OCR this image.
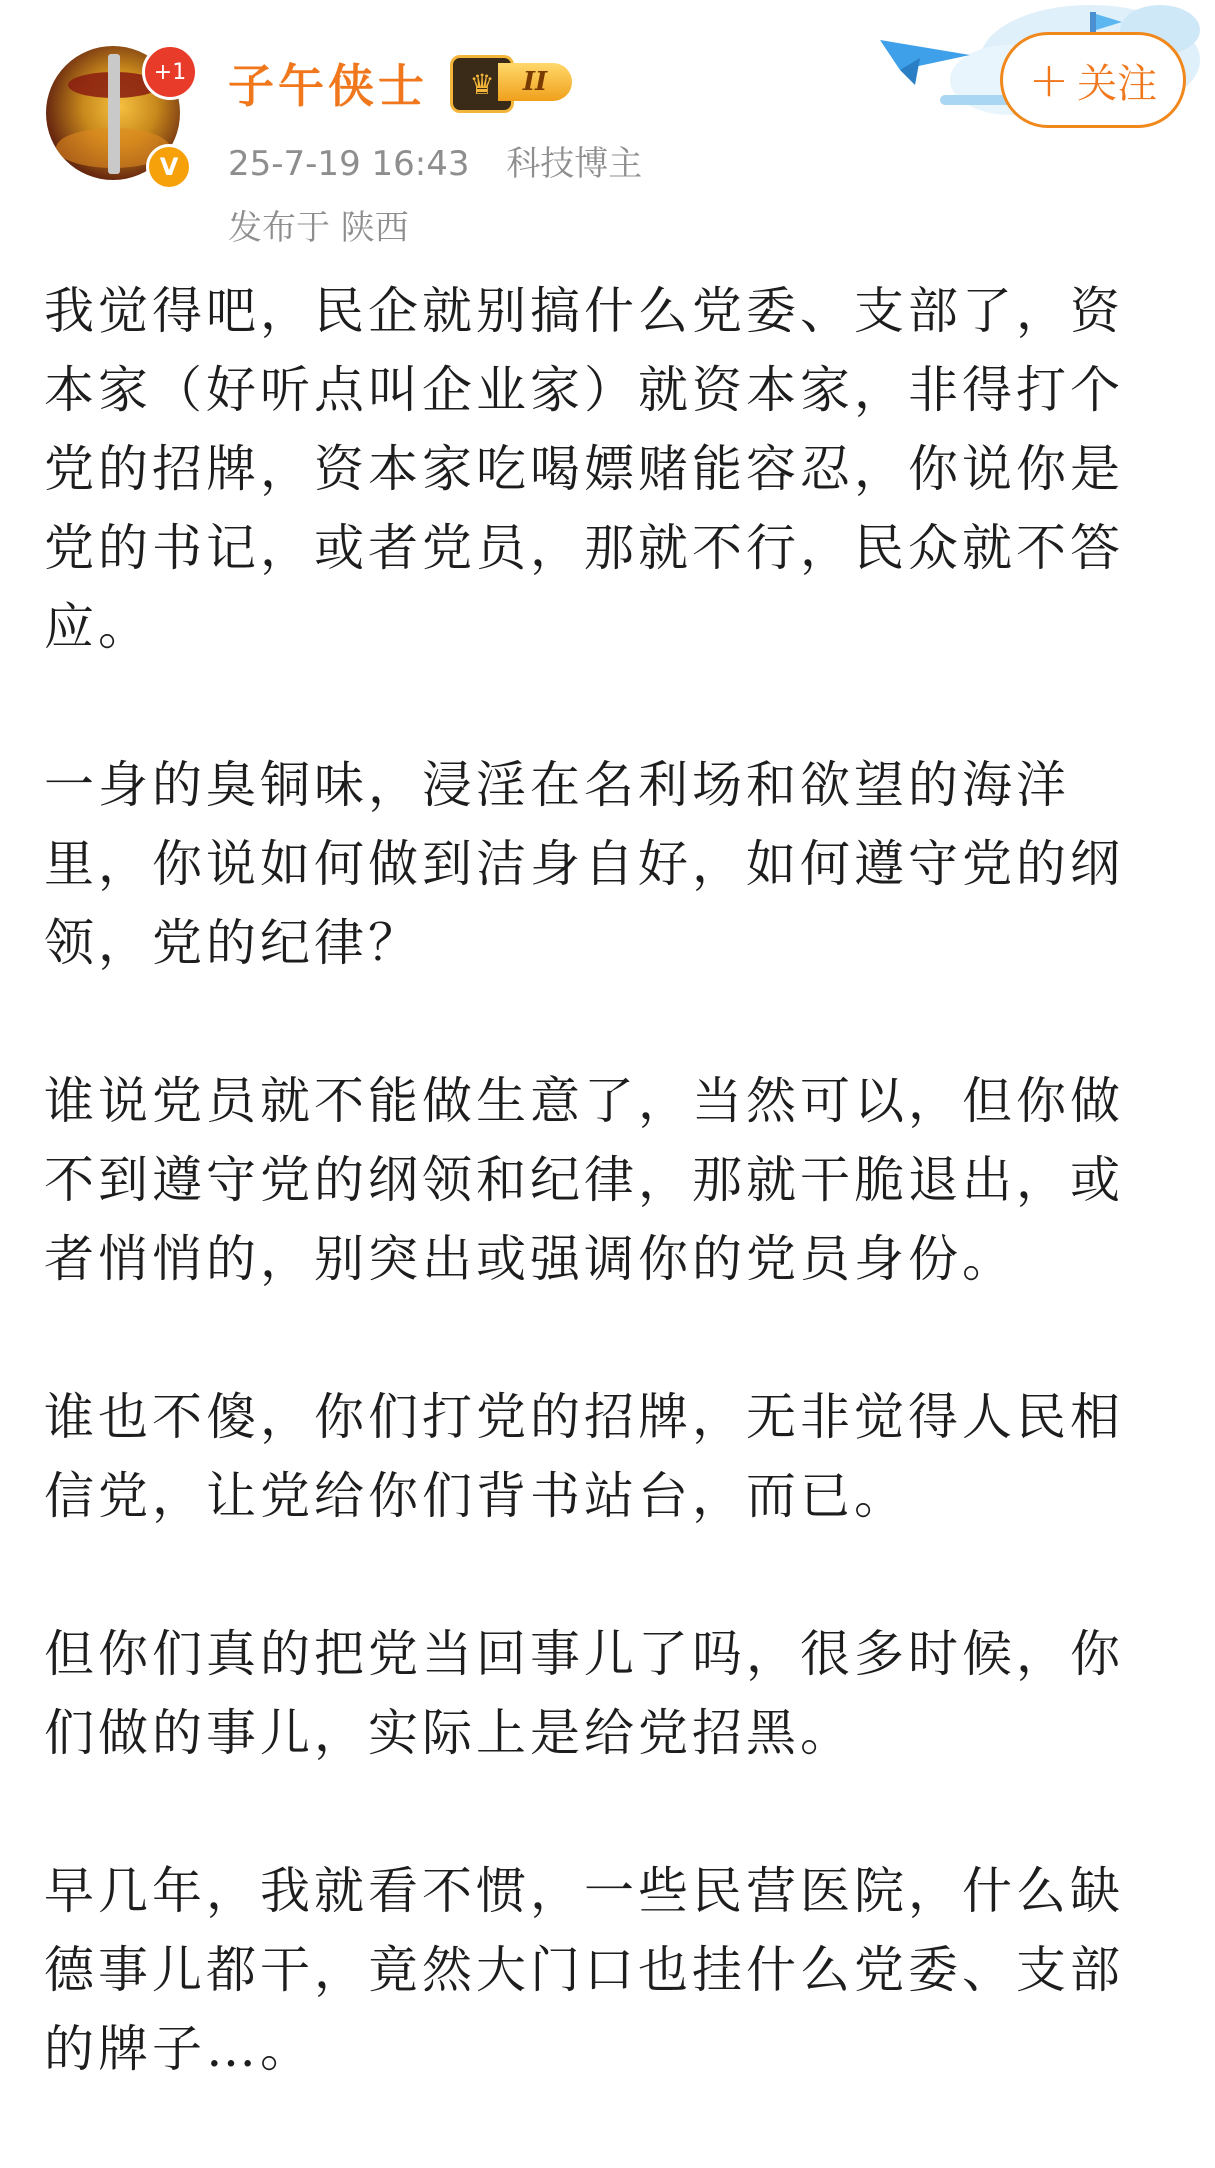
+1
V
子午侠士	♛	II
25-7-19 16:43 科技博主
发布于 陕西
+ 关注

我觉得吧，民企就别搞什么党委、支部了，资本家（好听点叫企业家）就资本家，非得打个党的招牌，资本家吃喝嫖赌能容忍，你说你是党的书记，或者党员，那就不行，民众就不答应。

一身的臭铜味，浸淫在名利场和欲望的海洋里，你说如何做到洁身自好，如何遵守党的纲领，党的纪律？

谁说党员就不能做生意了，当然可以，但你做不到遵守党的纲领和纪律，那就干脆退出，或者悄悄的，别突出或强调你的党员身份。

谁也不傻，你们打党的招牌，无非觉得人民相信党，让党给你们背书站台，而已。

但你们真的把党当回事儿了吗，很多时候，你们做的事儿，实际上是给党招黑。

早几年，我就看不惯，一些民营医院，什么缺德事儿都干，竟然大门口也挂什么党委、支部的牌子…。
